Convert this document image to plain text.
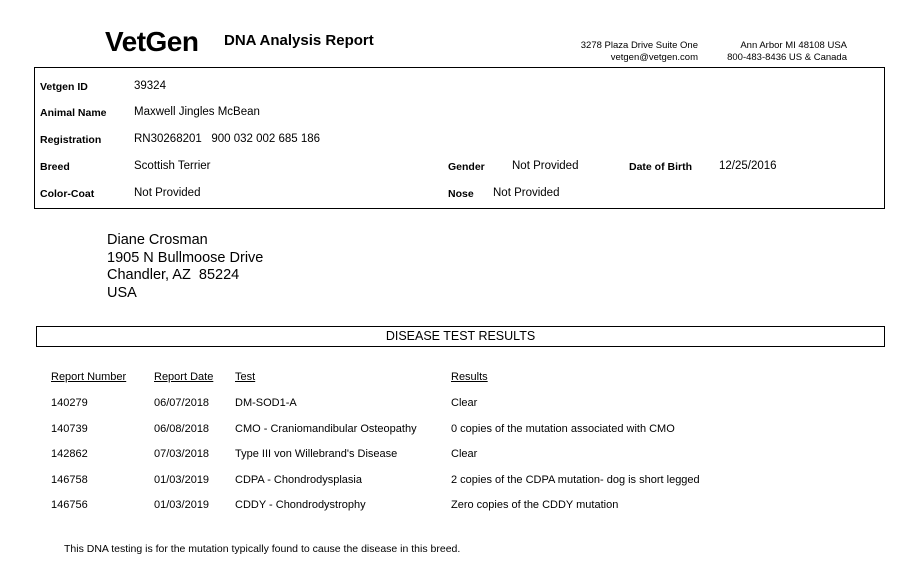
VetGen DNA Analysis Report	3278 Plaza Drive Suite One
vetgen@vetgen.com
Ann Arbor MI 48108 USA
800-483-8436 US & Canada
Vetgen ID	39324
Animal Name Maxwell Jingles McBean
Registration	RN30268201   900 032 002 685 186
Breed	Scottish Terrier	Gender Not Provided	Date of Birth 12/25/2016
Color-Coat	Not Provided	Nose Not Provided
Diane Crosman
1905 N Bullmoose Drive
Chandler, AZ  85224
USA
DISEASE TEST RESULTS
Report Number	Report Date Test	Results
140279	06/07/2018 DM-SOD1-A	Clear
140739	06/08/2018 CMO - Craniomandibular Osteopathy	0 copies of the mutation associated with CMO
142862	07/03/2018 Type III von Willebrand's Disease	Clear
146758	01/03/2019 CDPA - Chondrodysplasia	2 copies of the CDPA mutation- dog is short legged
146756	01/03/2019 CDDY - Chondrodystrophy	Zero copies of the CDDY mutation
This DNA testing is for the mutation typically found to cause the disease in this breed.
